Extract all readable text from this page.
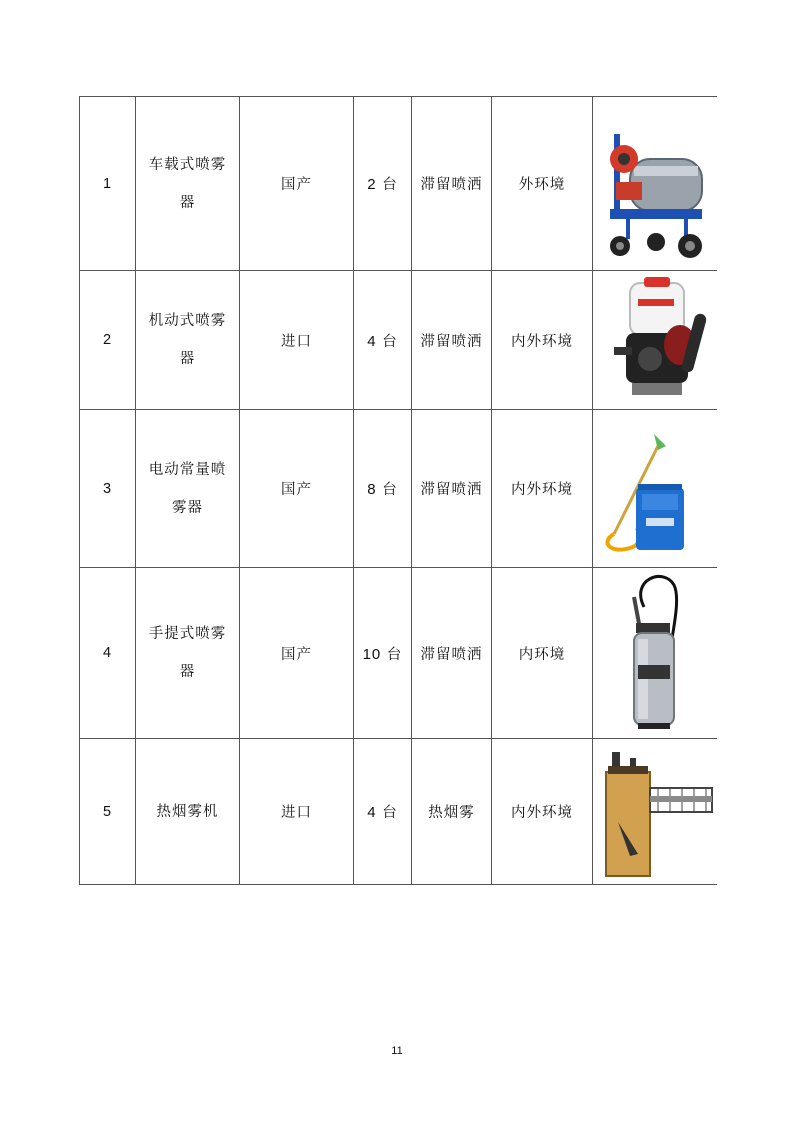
1	车载式喷雾器	国产	2 台	滞留喷洒	外环境	

2	机动式喷雾器	进口	4 台	滞留喷洒	内外环境	

3	电动常量喷雾器	国产	8 台	滞留喷洒	内外环境	

4	手提式喷雾器	国产	10 台	滞留喷洒	内环境	

5	热烟雾机	进口	4 台	热烟雾	内外环境	
11
